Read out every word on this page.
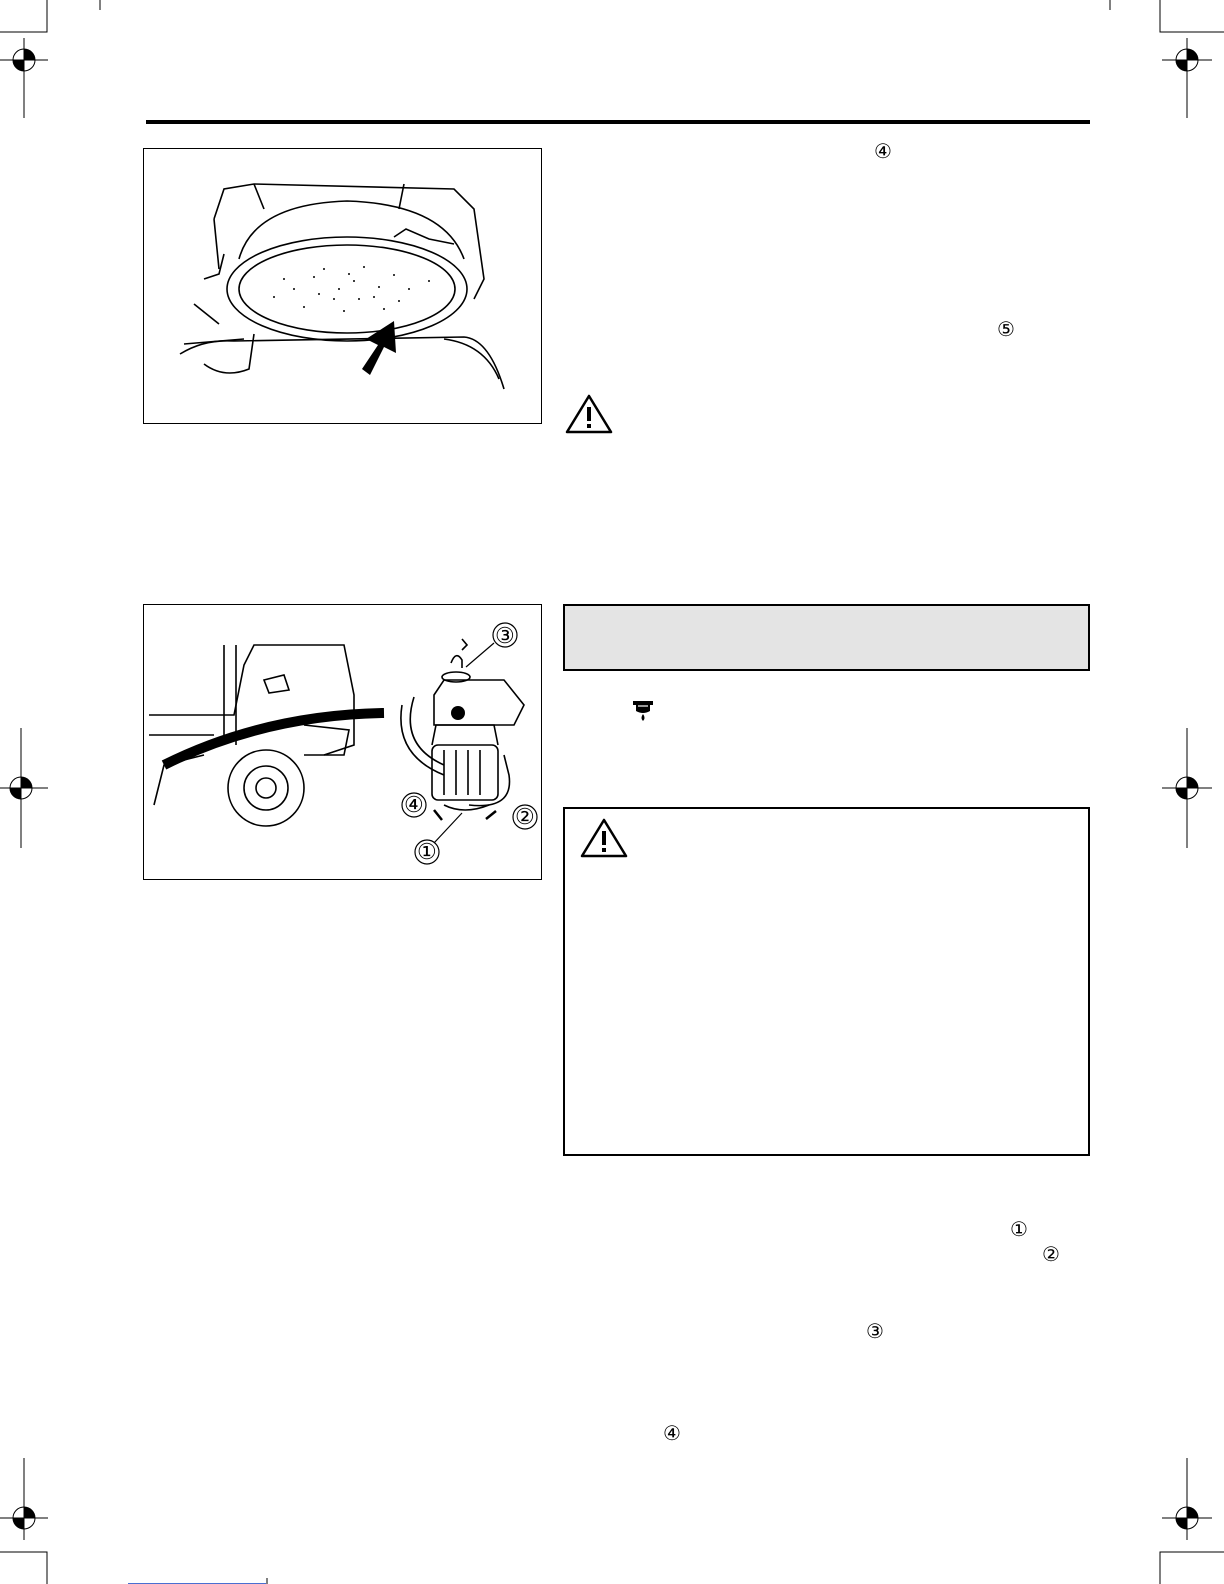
③
④	②
①
④
⑤
①
②
③
④
